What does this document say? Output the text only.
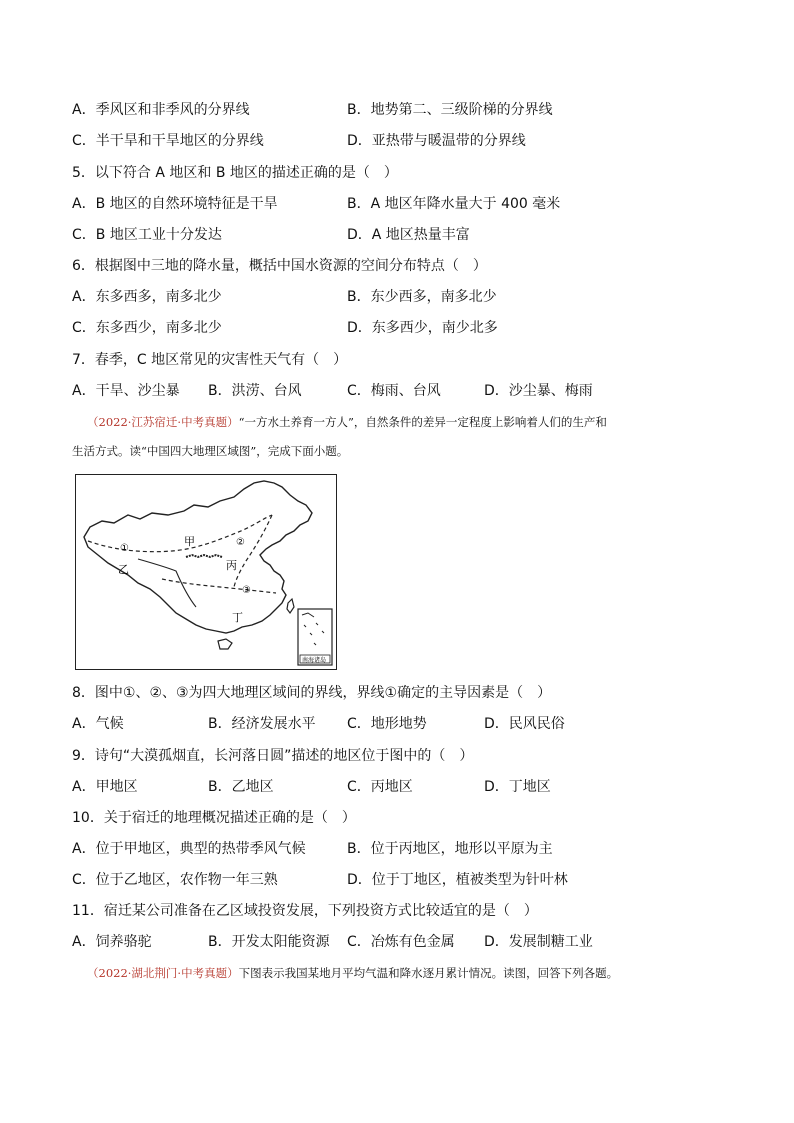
A．季风区和非季风的分界线	B．地势第二、三级阶梯的分界线
C．半干旱和干旱地区的分界线	D．亚热带与暖温带的分界线
5．以下符合 A 地区和 B 地区的描述正确的是（　）
A．B 地区的自然环境特征是干旱	B．A 地区年降水量大于 400 毫米
C．B 地区工业十分发达	D．A 地区热量丰富
6．根据图中三地的降水量，概括中国水资源的空间分布特点（　）
A．东多西多，南多北少	B．东少西多，南多北少
C．东多西少，南多北少	D．东多西少，南少北多
7．春季，C 地区常见的灾害性天气有（　）
A．干旱、沙尘暴 B．洪涝、台风	C．梅雨、台风	D．沙尘暴、梅雨
（2022·江苏宿迁·中考真题）“一方水土养育一方人”，自然条件的差异一定程度上影响着人们的生产和
生活方式。读“中国四大地理区域图”，完成下面小题。
甲
乙	丙
丁
①
②
③
南海诸岛
8．图中①、②、③为四大地理区域间的界线，界线①确定的主导因素是（　）
A．气候	B．经济发展水平 C．地形地势	D．民风民俗
9．诗句“大漠孤烟直，长河落日圆”描述的地区位于图中的（　）
A．甲地区	B．乙地区	C．丙地区	D．丁地区
10．关于宿迁的地理概况描述正确的是（　）
A．位于甲地区，典型的热带季风气候	B．位于丙地区，地形以平原为主
C．位于乙地区，农作物一年三熟	D．位于丁地区，植被类型为针叶林
11．宿迁某公司准备在乙区域投资发展，下列投资方式比较适宜的是（　）
A．饲养骆驼	B．开发太阳能资源 C．冶炼有色金属 D．发展制糖工业
（2022·湖北荆门·中考真题）下图表示我国某地月平均气温和降水逐月累计情况。读图，回答下列各题。
